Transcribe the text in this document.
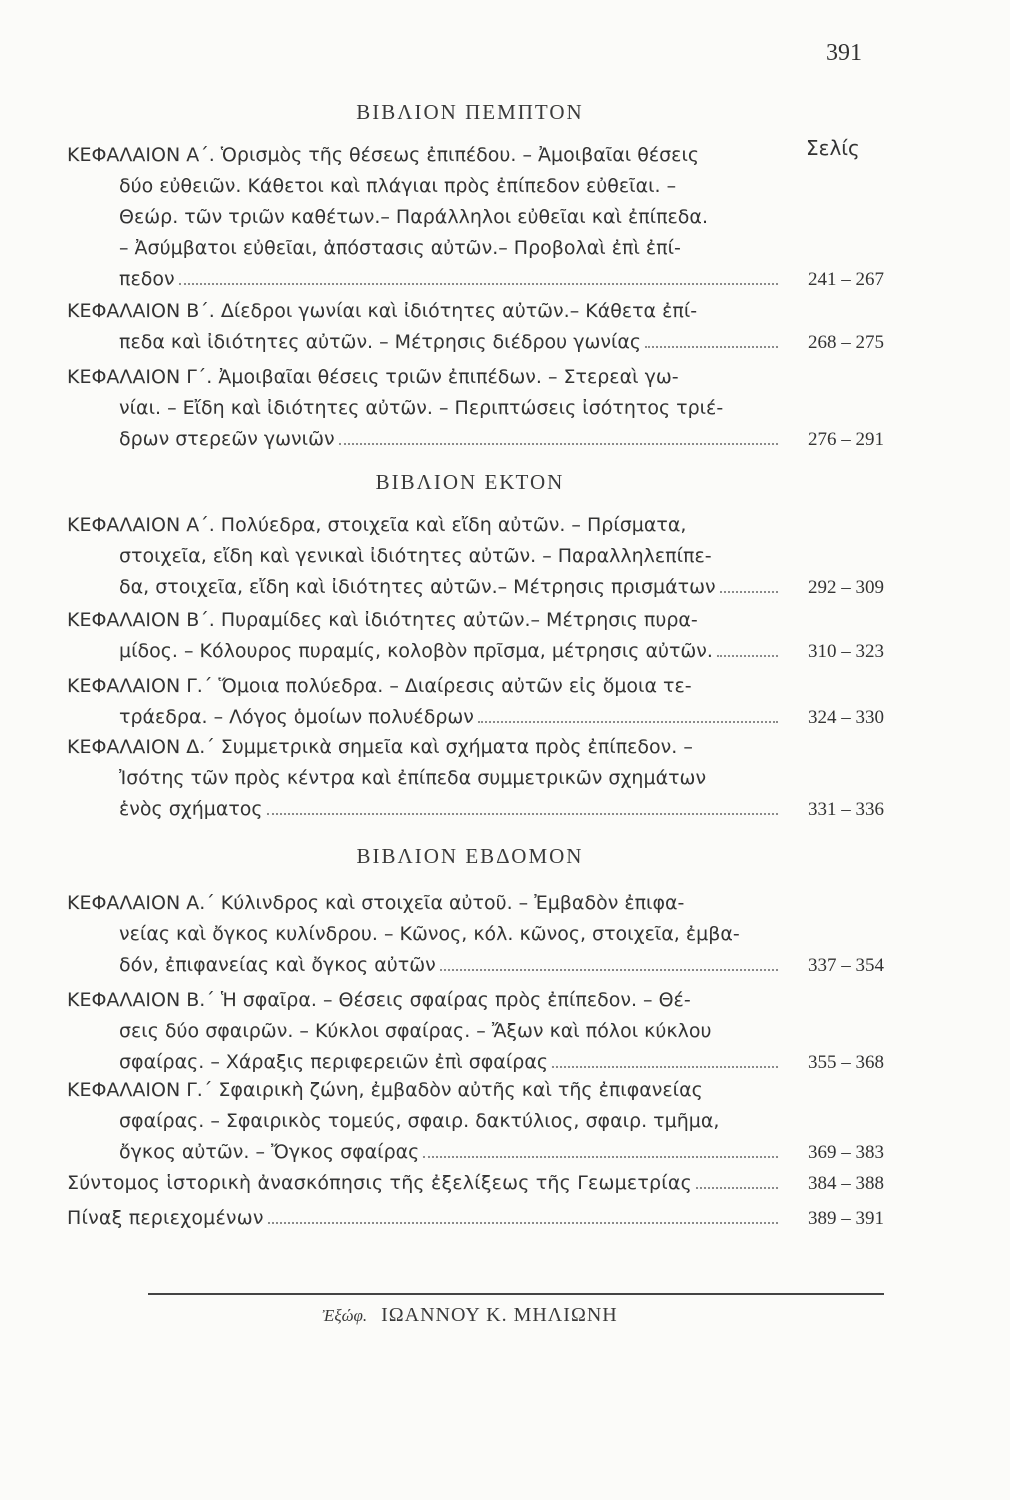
391
ΒΙΒΛΙΟΝ ΠΕΜΠΤΟΝ
Σελίς
ΚΕΦΑΛΑΙΟΝ Α΄. Ὁρισμὸς τῆς θέσεως ἐπιπέδου. – Ἀμοιβαῖαι θέσεις
δύο εὐθειῶν. Κάθετοι καὶ πλάγιαι πρὸς ἐπίπεδον εὐθεῖαι. –
Θεώρ. τῶν τριῶν καθέτων.– Παράλληλοι εὐθεῖαι καὶ ἐπίπεδα.
– Ἀσύμβατοι εὐθεῖαι, ἀπόστασις αὐτῶν.– Προβολαὶ ἐπὶ ἐπί-
πεδον	241 – 267
ΚΕΦΑΛΑΙΟΝ Β΄. Δίεδροι γωνίαι καὶ ἰδιότητες αὐτῶν.– Κάθετα ἐπί-
πεδα καὶ ἰδιότητες αὐτῶν. – Μέτρησις διέδρου γωνίας	268 – 275
ΚΕΦΑΛΑΙΟΝ Γ΄. Ἀμοιβαῖαι θέσεις τριῶν ἐπιπέδων. – Στερεαὶ γω-
νίαι. – Εἴδη καὶ ἰδιότητες αὐτῶν. – Περιπτώσεις ἰσότητος τριέ-
δρων στερεῶν γωνιῶν	276 – 291
ΒΙΒΛΙΟΝ ΕΚΤΟΝ
ΚΕΦΑΛΑΙΟΝ Α΄. Πολύεδρα, στοιχεῖα καὶ εἴδη αὐτῶν. – Πρίσματα,
στοιχεῖα, εἴδη καὶ γενικαὶ ἰδιότητες αὐτῶν. – Παραλληλεπίπε-
δα, στοιχεῖα, εἴδη καὶ ἰδιότητες αὐτῶν.– Μέτρησις πρισμάτων	292 – 309
ΚΕΦΑΛΑΙΟΝ Β΄. Πυραμίδες καὶ ἰδιότητες αὐτῶν.– Μέτρησις πυρα-
μίδος. – Κόλουρος πυραμίς, κολοβὸν πρῖσμα, μέτρησις αὐτῶν.	310 – 323
ΚΕΦΑΛΑΙΟΝ Γ.΄ Ὅμοια πολύεδρα. – Διαίρεσις αὐτῶν εἰς ὅμοια τε-
τράεδρα. – Λόγος ὁμοίων πολυέδρων	324 – 330
ΚΕΦΑΛΑΙΟΝ Δ.΄ Συμμετρικὰ σημεῖα καὶ σχήματα πρὸς ἐπίπεδον. –
Ἰσότης τῶν πρὸς κέντρα καὶ ἐπίπεδα συμμετρικῶν σχημάτων
ἑνὸς σχήματος	331 – 336
ΒΙΒΛΙΟΝ ΕΒΔΟΜΟΝ
ΚΕΦΑΛΑΙΟΝ Α.΄ Κύλινδρος καὶ στοιχεῖα αὐτοῦ. – Ἐμβαδὸν ἐπιφα-
νείας καὶ ὄγκος κυλίνδρου. – Κῶνος, κόλ. κῶνος, στοιχεῖα, ἐμβα-
δόν, ἐπιφανείας καὶ ὄγκος αὐτῶν	337 – 354
ΚΕΦΑΛΑΙΟΝ Β.΄ Ἡ σφαῖρα. – Θέσεις σφαίρας πρὸς ἐπίπεδον. – Θέ-
σεις δύο σφαιρῶν. – Κύκλοι σφαίρας. – Ἄξων καὶ πόλοι κύκλου
σφαίρας. – Χάραξις περιφερειῶν ἐπὶ σφαίρας	355 – 368
ΚΕΦΑΛΑΙΟΝ Γ.΄ Σφαιρικὴ ζώνη, ἐμβαδὸν αὐτῆς καὶ τῆς ἐπιφανείας
σφαίρας. – Σφαιρικὸς τομεύς, σφαιρ. δακτύλιος, σφαιρ. τμῆμα,
ὄγκος αὐτῶν. – Ὄγκος σφαίρας	369 – 383
Σύντομος ἱστορικὴ ἀνασκόπησις τῆς ἐξελίξεως τῆς Γεωμετρίας	384 – 388
Πίναξ περιεχομένων	389 – 391
Ἐξώφ. ΙΩΑΝΝΟΥ Κ. ΜΗΛΙΩΝΗ
